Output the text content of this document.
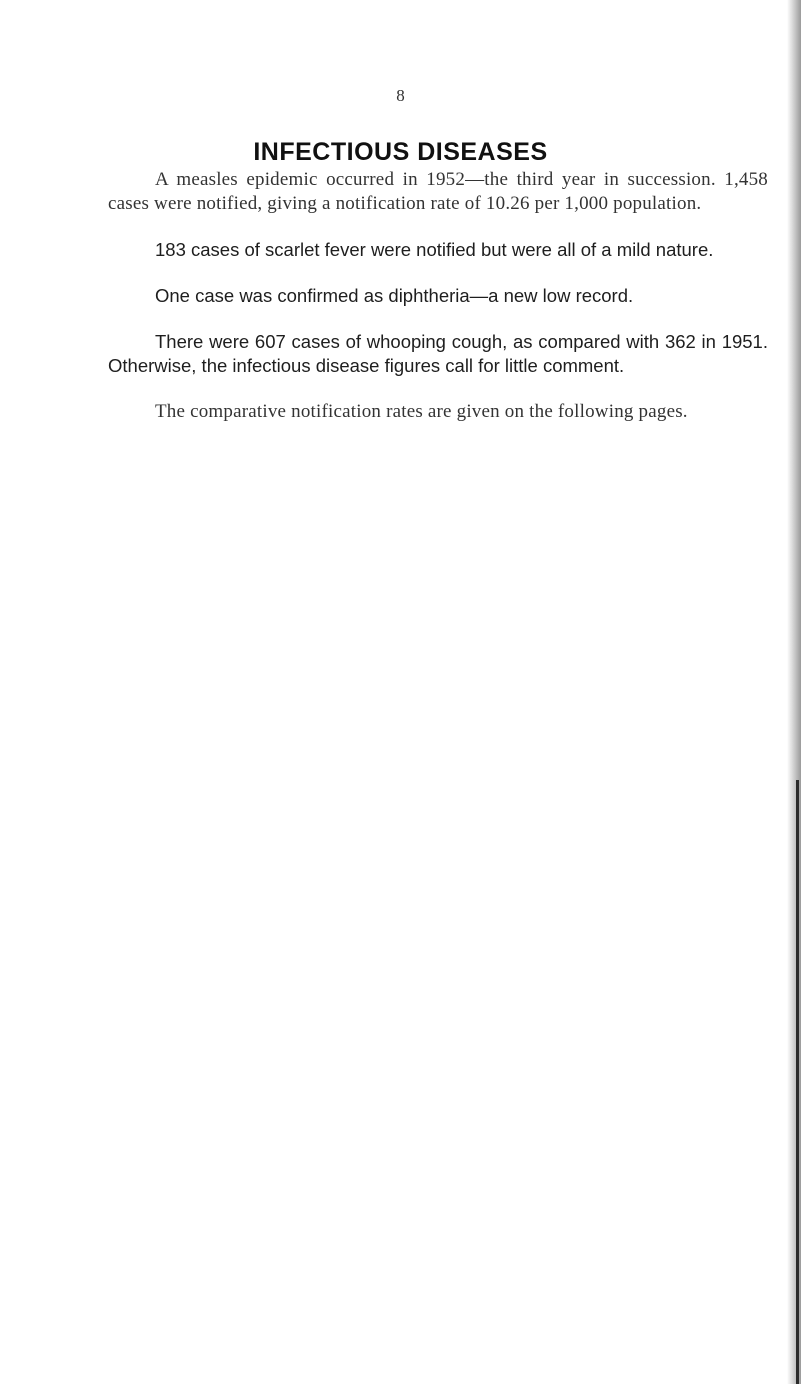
8
INFECTIOUS DISEASES

A measles epidemic occurred in 1952—the third year in succession. 1,458 cases were notified, giving a notification rate of 10.26 per 1,000 population.

183 cases of scarlet fever were notified but were all of a mild nature.

One case was confirmed as diphtheria—a new low record.

There were 607 cases of whooping cough, as compared with 362 in 1951. Otherwise, the infectious disease figures call for little comment.

The comparative notification rates are given on the following pages.
